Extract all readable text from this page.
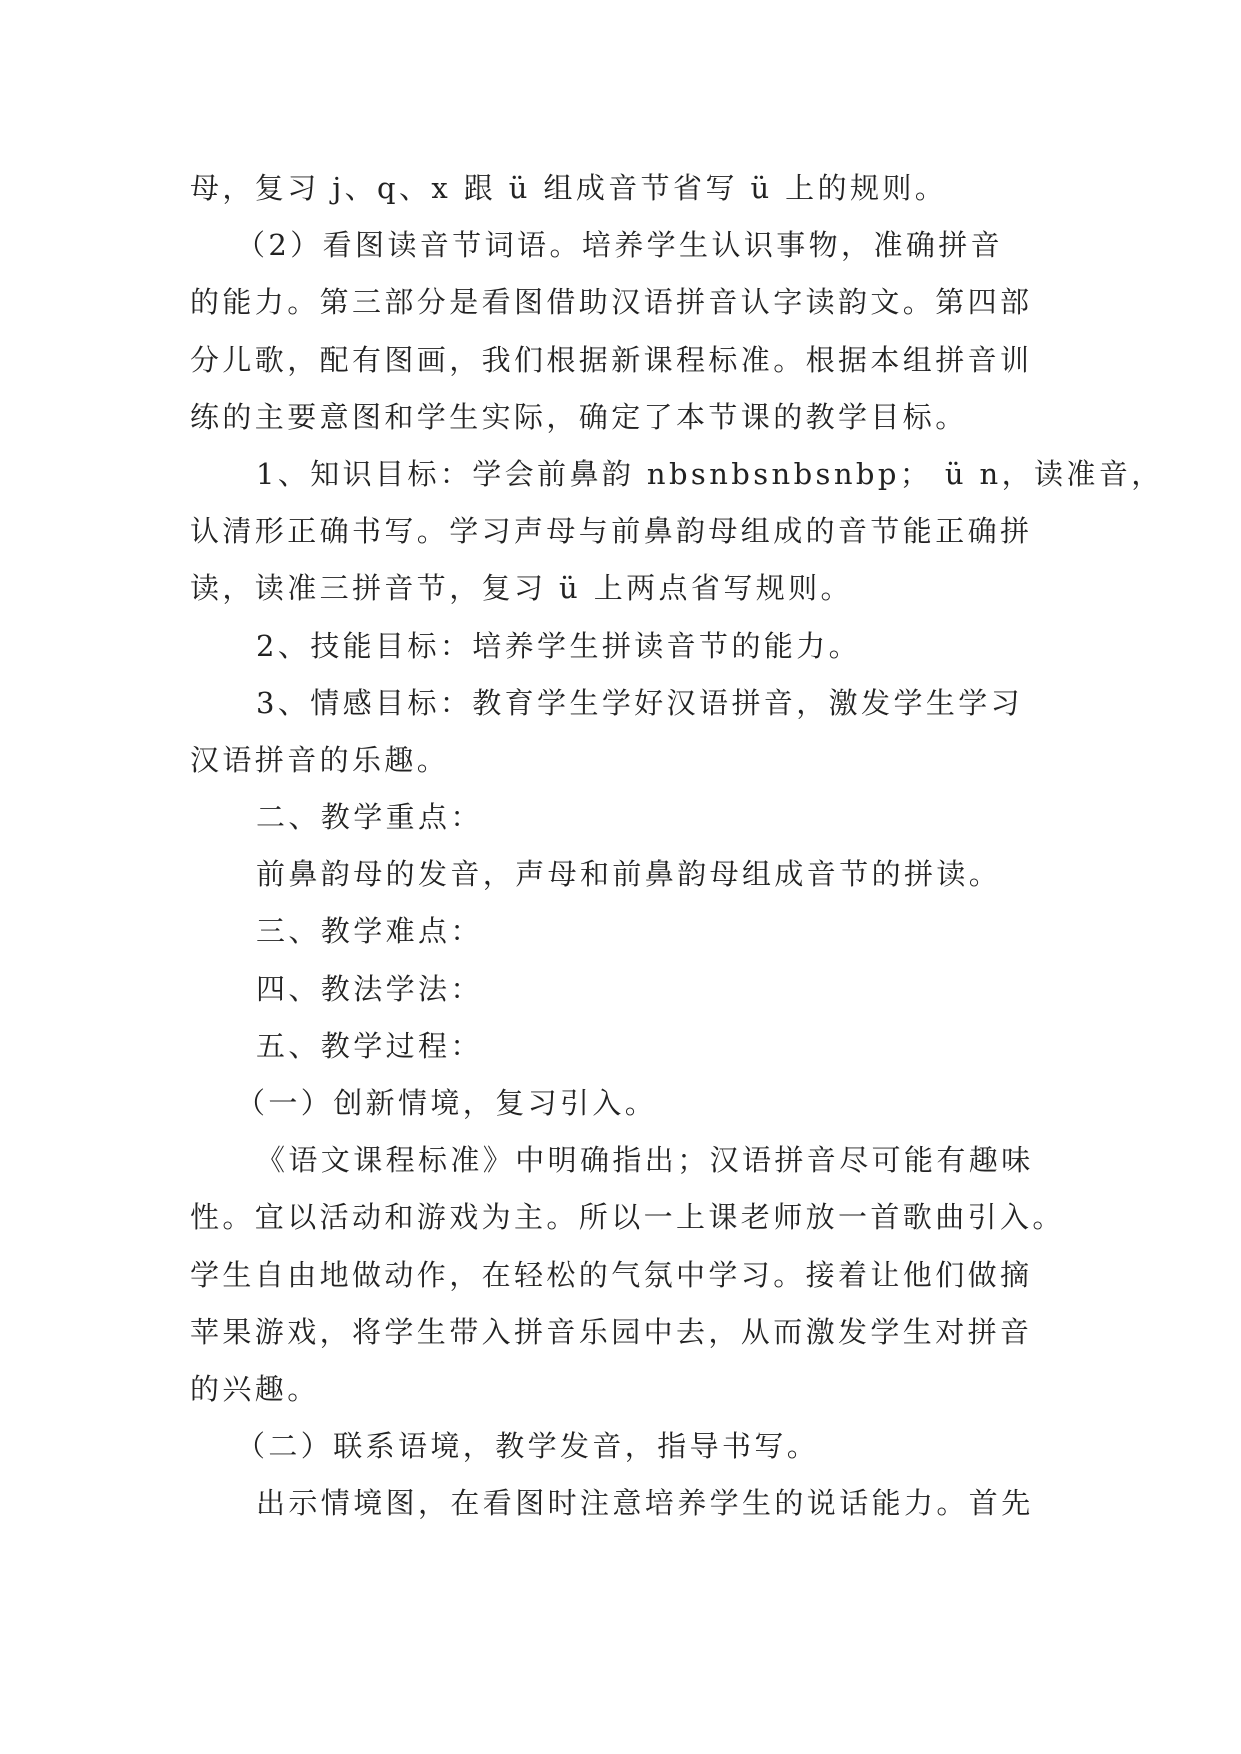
母，复习 j、q、x 跟 ü 组成音节省写 ü 上的规则。
（2）看图读音节词语。培养学生认识事物，准确拼音
的能力。第三部分是看图借助汉语拼音认字读韵文。第四部
分儿歌，配有图画，我们根据新课程标准。根据本组拼音训
练的主要意图和学生实际，确定了本节课的教学目标。
1、知识目标：学会前鼻韵 nbsnbsnbsnbp； ü n，读准音，
认清形正确书写。学习声母与前鼻韵母组成的音节能正确拼
读，读准三拼音节，复习 ü 上两点省写规则。
2、技能目标：培养学生拼读音节的能力。
3、情感目标：教育学生学好汉语拼音，激发学生学习
汉语拼音的乐趣。
二、教学重点：
前鼻韵母的发音，声母和前鼻韵母组成音节的拼读。
三、教学难点：
四、教法学法：
五、教学过程：
（一）创新情境，复习引入。
《语文课程标准》中明确指出；汉语拼音尽可能有趣味
性。宜以活动和游戏为主。所以一上课老师放一首歌曲引入。
学生自由地做动作，在轻松的气氛中学习。接着让他们做摘
苹果游戏，将学生带入拼音乐园中去，从而激发学生对拼音
的兴趣。
（二）联系语境，教学发音，指导书写。
出示情境图，在看图时注意培养学生的说话能力。首先
